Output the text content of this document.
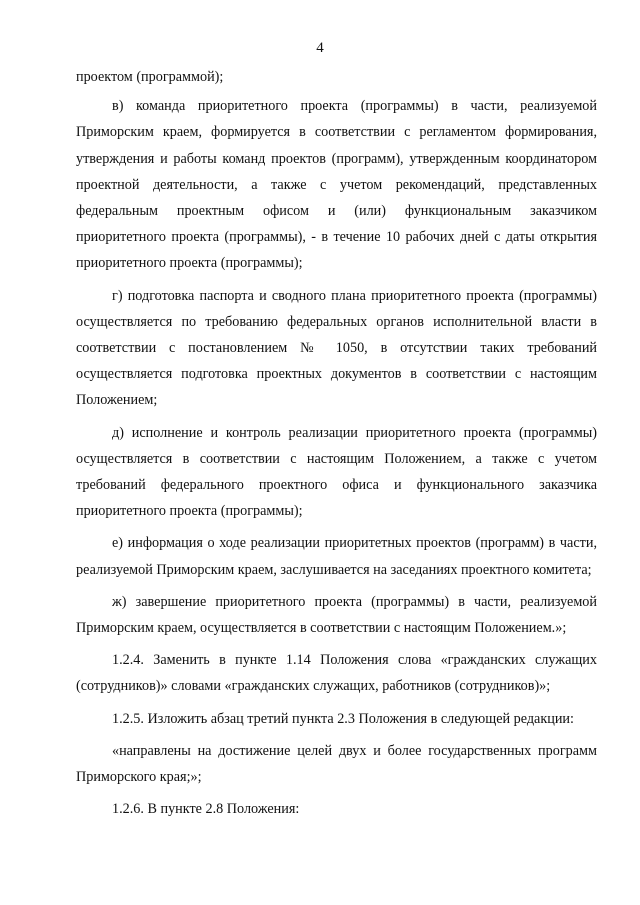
4

проектом (программой);

в) команда приоритетного проекта (программы) в части, реализуемой Приморским краем, формируется в соответствии с регламентом формирования, утверждения и работы команд проектов (программ), утвержденным координатором проектной деятельности, а также с учетом рекомендаций, представленных федеральным проектным офисом и (или) функциональным заказчиком приоритетного проекта (программы), - в течение 10 рабочих дней с даты открытия приоритетного проекта (программы);

г) подготовка паспорта и сводного плана приоритетного проекта (программы) осуществляется по требованию федеральных органов исполнительной власти в соответствии с постановлением № 1050, в отсутствии таких требований осуществляется подготовка проектных документов в соответствии с настоящим Положением;

д) исполнение и контроль реализации приоритетного проекта (программы) осуществляется в соответствии с настоящим Положением, а также с учетом требований федерального проектного офиса и функционального заказчика приоритетного проекта (программы);

е) информация о ходе реализации приоритетных проектов (программ) в части, реализуемой Приморским краем, заслушивается на заседаниях проектного комитета;

ж) завершение приоритетного проекта (программы) в части, реализуемой Приморским краем, осуществляется в соответствии с настоящим Положением.»;

1.2.4. Заменить в пункте 1.14 Положения слова «гражданских служащих (сотрудников)» словами «гражданских служащих, работников (сотрудников)»;

1.2.5. Изложить абзац третий пункта 2.3 Положения в следующей редакции:

«направлены на достижение целей двух и более государственных программ Приморского края;»;

1.2.6. В пункте 2.8 Положения:
